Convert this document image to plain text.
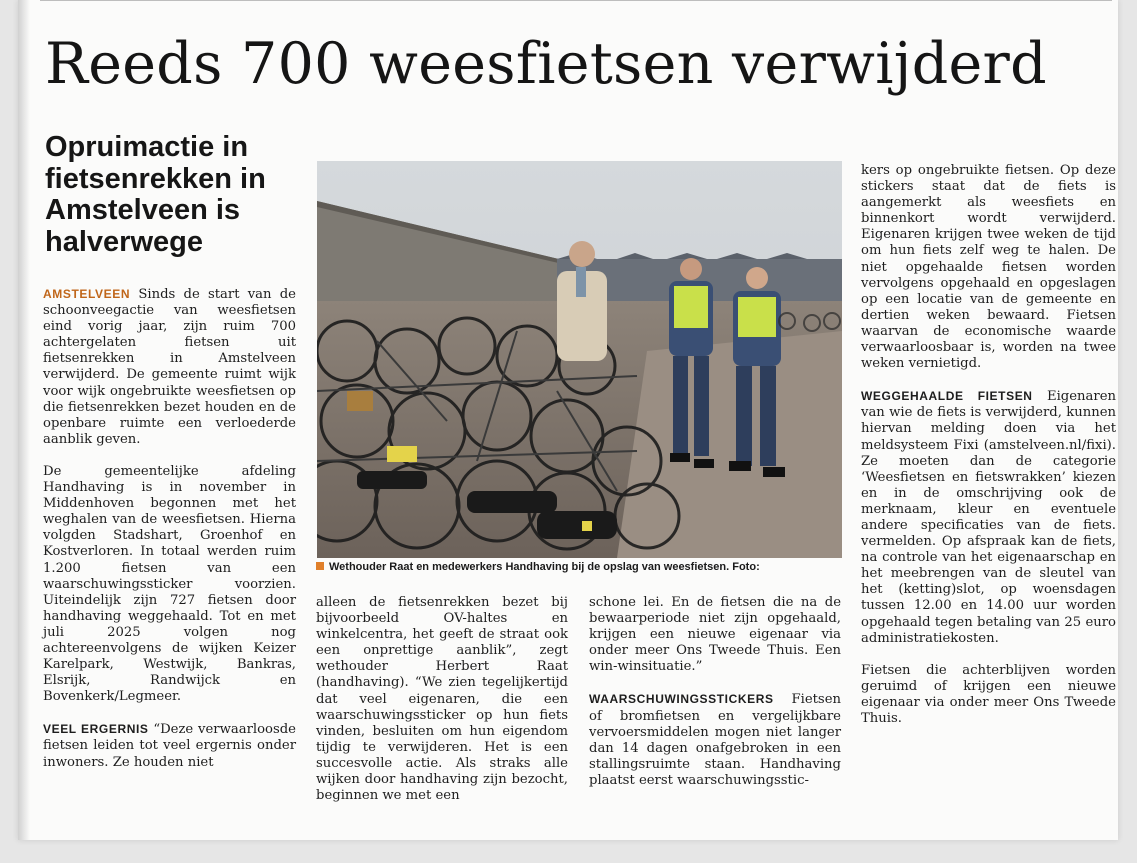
Reeds 700 weesfietsen verwijderd
Opruimactie in fietsenrekken in Amstelveen is halverwege

AMSTELVEEN Sinds de start van de schoonveegactie van weesfietsen eind vorig jaar, zijn ruim 700 achtergelaten fietsen uit fietsenrekken in Amstelveen verwijderd. De gemeente ruimt wijk voor wijk ongebruikte weesfietsen op die fietsenrekken bezet houden en de openbare ruimte een verloederde aanblik geven.

De gemeentelijke afdeling Handhaving is in november in Middenhoven begonnen met het weghalen van de weesfietsen. Hierna volgden Stadshart, Groenhof en Kostverloren. In totaal werden ruim 1.200 fietsen van een waarschuwingssticker voorzien. Uiteindelijk zijn 727 fietsen door handhaving weggehaald. Tot en met juli 2025 volgen nog achtereenvolgens de wijken Keizer Karelpark, Westwijk, Bankras, Elsrijk, Randwijck en Bovenkerk/Legmeer.

VEEL ERGERNIS “Deze verwaarloosde fietsen leiden tot veel ergernis onder inwoners. Ze houden niet

Wethouder Raat en medewerkers Handhaving bij de opslag van weesfietsen. Foto:

alleen de fietsenrekken bezet bij bijvoorbeeld OV-haltes en winkelcentra, het geeft de straat ook een onprettige aanblik”, zegt wethouder Herbert Raat (handhaving). “We zien tegelijkertijd dat veel eigenaren, die een waarschuwingssticker op hun fiets vinden, besluiten om hun eigendom tijdig te verwijderen. Het is een succesvolle actie. Als straks alle wijken door handhaving zijn bezocht, beginnen we met een

schone lei. En de fietsen die na de bewaarperiode niet zijn opgehaald, krijgen een nieuwe eigenaar via onder meer Ons Tweede Thuis. Een win-winsituatie.”

WAARSCHUWINGSSTICKERS Fietsen of bromfietsen en vergelijkbare vervoersmiddelen mogen niet langer dan 14 dagen onafgebroken in een stallingsruimte staan. Handhaving plaatst eerst waarschuwingsstic-

kers op ongebruikte fietsen. Op deze stickers staat dat de fiets is aangemerkt als weesfiets en binnenkort wordt verwijderd. Eigenaren krijgen twee weken de tijd om hun fiets zelf weg te halen. De niet opgehaalde fietsen worden vervolgens opgehaald en opgeslagen op een locatie van de gemeente en dertien weken bewaard. Fietsen waarvan de economische waarde verwaarloosbaar is, worden na twee weken vernietigd.

WEGGEHAALDE FIETSEN Eigenaren van wie de fiets is verwijderd, kunnen hiervan melding doen via het meldsysteem Fixi (amstelveen.nl/fixi). Ze moeten dan de categorie ‘Weesfietsen en fietswrakken’ kiezen en in de omschrijving ook de merknaam, kleur en eventuele andere specificaties van de fiets. vermelden. Op afspraak kan de fiets, na controle van het eigenaarschap en het meebrengen van de sleutel van het (ketting)slot, op woensdagen tussen 12.00 en 14.00 uur worden opgehaald tegen betaling van 25 euro administratiekosten.

Fietsen die achterblijven worden geruimd of krijgen een nieuwe eigenaar via onder meer Ons Tweede Thuis.
